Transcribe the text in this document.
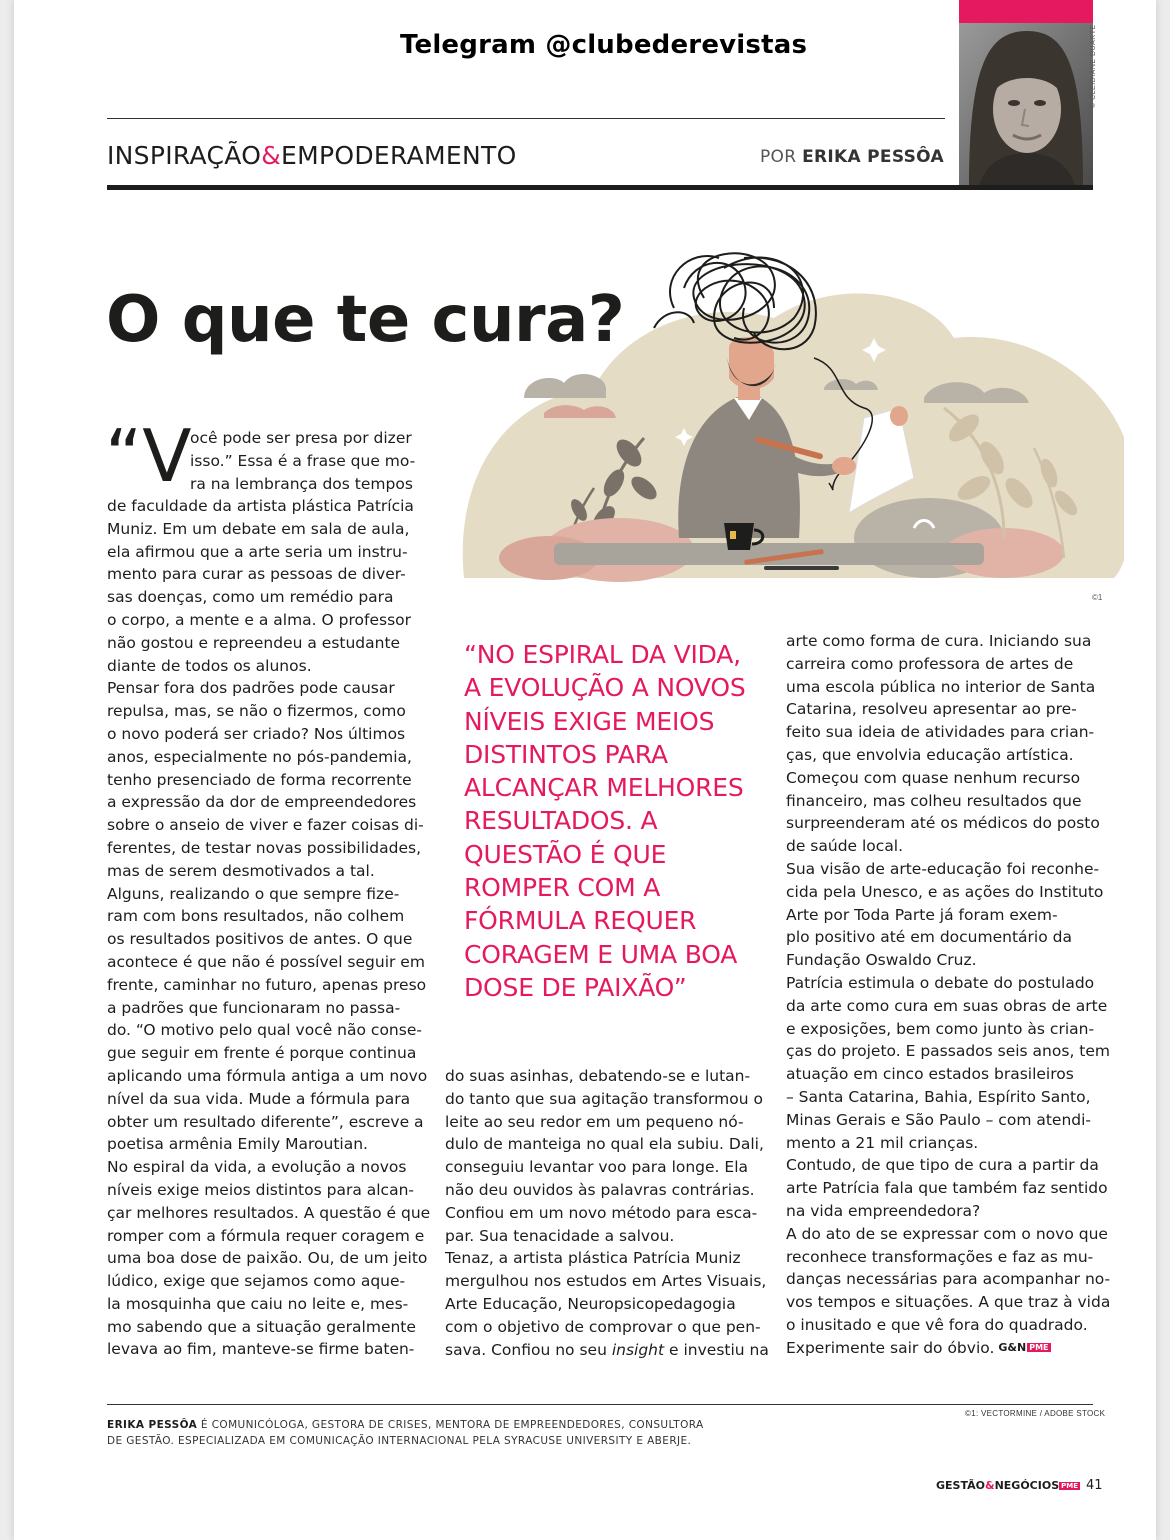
Telegram @clubederevistas
INSPIRAÇÃO&EMPODERAMENTO	POR ERIKA PESSÔA
© CLEIDIANE DUARTE
O que te cura?
©1
“V

ocê pode ser presa por dizer

isso.” Essa é a frase que mo-

ra na lembrança dos tempos

de faculdade da artista plástica Patrícia

Muniz. Em um debate em sala de aula,

ela afirmou que a arte seria um instru-

mento para curar as pessoas de diver-

sas doenças, como um remédio para

o corpo, a mente e a alma. O professor

não gostou e repreendeu a estudante

diante de todos os alunos.

Pensar fora dos padrões pode causar

repulsa, mas, se não o fizermos, como

o novo poderá ser criado? Nos últimos

anos, especialmente no pós-pandemia,

tenho presenciado de forma recorrente

a expressão da dor de empreendedores

sobre o anseio de viver e fazer coisas di-

ferentes, de testar novas possibilidades,

mas de serem desmotivados a tal.

Alguns, realizando o que sempre fize-

ram com bons resultados, não colhem

os resultados positivos de antes. O que

acontece é que não é possível seguir em

frente, caminhar no futuro, apenas preso

a padrões que funcionaram no passa-

do. “O motivo pelo qual você não conse-

gue seguir em frente é porque continua

aplicando uma fórmula antiga a um novo

nível da sua vida. Mude a fórmula para

obter um resultado diferente”, escreve a

poetisa armênia Emily Maroutian.

No espiral da vida, a evolução a novos

níveis exige meios distintos para alcan-

çar melhores resultados. A questão é que

romper com a fórmula requer coragem e

uma boa dose de paixão. Ou, de um jeito

lúdico, exige que sejamos como aque-

la mosquinha que caiu no leite e, mes-

mo sabendo que a situação geralmente

levava ao fim, manteve-se firme baten-

“NO ESPIRAL DA VIDA,
A EVOLUÇÃO A NOVOS
NÍVEIS EXIGE MEIOS
DISTINTOS PARA
ALCANÇAR MELHORES
RESULTADOS. A
QUESTÃO É QUE
ROMPER COM A
FÓRMULA REQUER
CORAGEM E UMA BOA
DOSE DE PAIXÃO”

do suas asinhas, debatendo-se e lutan-

do tanto que sua agitação transformou o

leite ao seu redor em um pequeno nó-

dulo de manteiga no qual ela subiu. Dali,

conseguiu levantar voo para longe. Ela

não deu ouvidos às palavras contrárias.

Confiou em um novo método para esca-

par. Sua tenacidade a salvou.

Tenaz, a artista plástica Patrícia Muniz

mergulhou nos estudos em Artes Visuais,

Arte Educação, Neuropsicopedagogia

com o objetivo de comprovar o que pen-

sava. Confiou no seu insight e investiu na

arte como forma de cura. Iniciando sua

carreira como professora de artes de

uma escola pública no interior de Santa

Catarina, resolveu apresentar ao pre-

feito sua ideia de atividades para crian-

ças, que envolvia educação artística.

Começou com quase nenhum recurso

financeiro, mas colheu resultados que

surpreenderam até os médicos do posto

de saúde local.

Sua visão de arte-educação foi reconhe-

cida pela Unesco, e as ações do Instituto

Arte por Toda Parte já foram exem-

plo positivo até em documentário da

Fundação Oswaldo Cruz.

Patrícia estimula o debate do postulado

da arte como cura em suas obras de arte

e exposições, bem como junto às crian-

ças do projeto. E passados seis anos, tem

atuação em cinco estados brasileiros

– Santa Catarina, Bahia, Espírito Santo,

Minas Gerais e São Paulo – com atendi-

mento a 21 mil crianças.

Contudo, de que tipo de cura a partir da

arte Patrícia fala que também faz sentido

na vida empreendedora?

A do ato de se expressar com o novo que

reconhece transformações e faz as mu-

danças necessárias para acompanhar no-

vos tempos e situações. A que traz à vida

o inusitado e que vê fora do quadrado.

Experimente sair do óbvio. G&N PME

©1: VECTORMINE / ADOBE STOCK
ERIKA PESSÔA É COMUNICÓLOGA, GESTORA DE CRISES, MENTORA DE EMPREENDEDORES, CONSULTORA
DE GESTÃO. ESPECIALIZADA EM COMUNICAÇÃO INTERNACIONAL PELA SYRACUSE UNIVERSITY E ABERJE.
GESTÃO&NEGÓCIOS PME 41
